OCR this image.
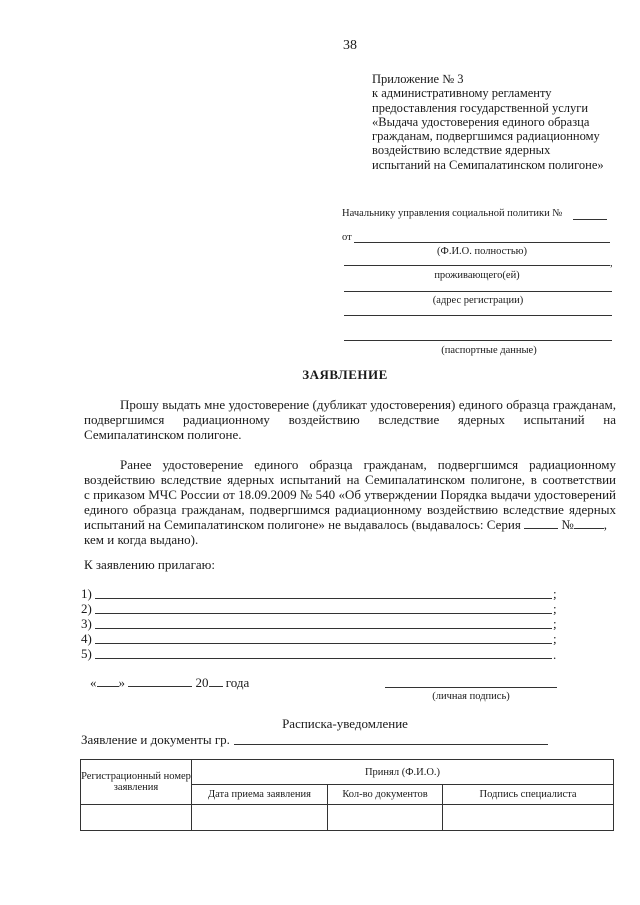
38
Приложение № 3
к административному регламенту
предоставления государственной услуги
«Выдача удостоверения единого образца
гражданам, подвергшимся радиационному
воздействию вследствие ядерных
испытаний на Семипалатинском полигоне»
Начальнику управления социальной политики №
от
(Ф.И.О. полностью)
,
проживающего(ей)
(адрес регистрации)
(паспортные данные)
ЗАЯВЛЕНИЕ
Прошу выдать мне удостоверение (дубликат удостоверения) единого образца гражданам,
подвергшимся радиационному воздействию вследствие ядерных испытаний на
Семипалатинском полигоне.
Ранее удостоверение единого образца гражданам, подвергшимся радиационному
воздействию вследствие ядерных испытаний на Семипалатинском полигоне, в соответствии
с приказом МЧС России от 18.09.2009 № 540 «Об утверждении Порядка выдачи удостоверений
единого образца гражданам, подвергшимся радиационному воздействию вследствие ядерных
испытаний на Семипалатинском полигоне» не выдавалось (выдавалось: Серия	№ ,
кем и когда выдано).
К заявлению прилагаю:
1)	;
2)	;
3)	;
4)	;
5)	.
« »	20 года
(личная подпись)
Расписка-уведомление
Заявление и документы гр.
Регистрационный номер заявления	Принял (Ф.И.О.)		
	Дата приема заявления	Кол-во документов	Подпись специалиста
